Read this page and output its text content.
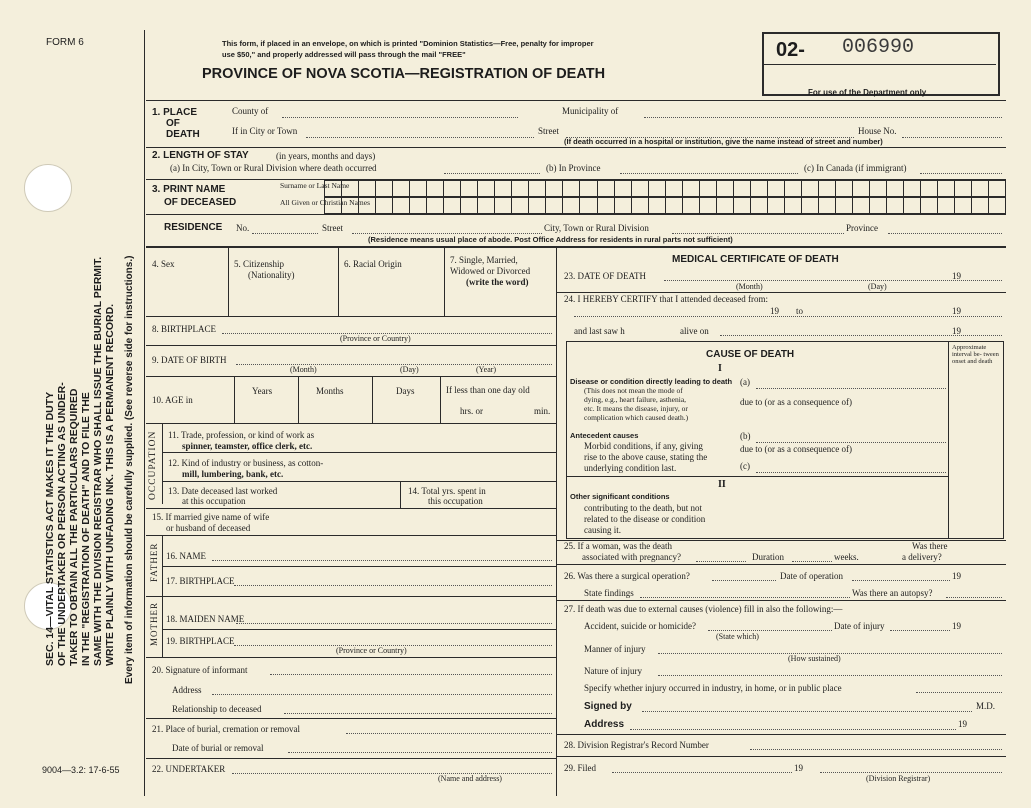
FORM 6	This form, if placed in an envelope, on which is printed "Dominion Statistics—Free, penalty for improper
use $50," and properly addressed will pass through the mail "FREE"
PROVINCE OF NOVA SCOTIA—REGISTRATION OF DEATH
02- 006990
For use of the Department only
SEC. 14—VITAL STATISTICS ACT MAKES IT THE DUTY OF THE UNDERTAKER OR PERSON ACTING AS UNDER- TAKER TO OBTAIN ALL THE PARTICULARS REQUIRED IN THE "REGISTRATION OF DEATH" AND TO FILE THE SAME WITH THE DIVISION REGISTRAR WHO SHALL ISSUE THE BURIAL PERMIT. WRITE PLAINLY WITH UNFADING INK. THIS IS A PERMANENT RECORD. Every item of information should be carefully supplied. (See reverse side for instructions.)
9004—3.2: 17-6-55
1. PLACE
OF
DEATH
County of	Municipality of
If in City or Town	Street	House No.
(If death occurred in a hospital or institution, give the name instead of street and number)
2. LENGTH OF STAY	(in years, months and days)
(a) In City, Town or Rural Division where death occurred	(b) In Province	(c) In Canada (if immigrant)
3. PRINT NAME
OF DECEASED
Surname or Last Name
All Given or Christian Names
RESIDENCE No.	Street	City, Town or Rural Division	Province
(Residence means usual place of abode. Post Office Address for residents in rural parts not sufficient)
4. Sex	5. Citizenship
(Nationality)
6. Racial Origin	7. Single, Married,
Widowed or Divorced
(write the word)
8. BIRTHPLACE
(Province or Country)
9. DATE OF BIRTH
(Month)	(Day)	(Year)
10. AGE in
Years	Months	Days	If less than one day old
hrs. or	min.
OCCUPATION 11. Trade, profession, or kind of work as
spinner, teamster, office clerk, etc.
12. Kind of industry or business, as cotton-
mill, lumbering, bank, etc.
13. Date deceased last worked
at this occupation
14. Total yrs. spent in
this occupation
15. If married give name of wife
or husband of deceased
FATHER 16. NAME
17. BIRTHPLACE
MOTHER 18. MAIDEN NAME
19. BIRTHPLACE
(Province or Country)
20. Signature of informant
Address
Relationship to deceased
21. Place of burial, cremation or removal
Date of burial or removal
22. UNDERTAKER
(Name and address)
MEDICAL CERTIFICATE OF DEATH
23. DATE OF DEATH
(Month)	(Day)
19
24. I HEREBY CERTIFY that I attended deceased from:
19 to	19
and last saw h	alive on	19
CAUSE OF DEATH
Approximate interval be- tween onset and death
I
Disease or condition directly leading to death
(This does not mean the mode of
dying, e.g., heart failure, asthenia,
etc. It means the disease, injury, or
complication which caused death.)
(a)
due to (or as a consequence of)
Antecedent causes
Morbid conditions, if any, giving
rise to the above cause, stating the
underlying condition last.
(b)
due to (or as a consequence of)
(c)
II
Other significant conditions
contributing to the death, but not
related to the disease or condition
causing it.
25. If a woman, was the death
associated with pregnancy?	Duration	weeks.
Was there
a delivery?
26. Was there a surgical operation?	Date of operation	19
State findings	Was there an autopsy?
27. If death was due to external causes (violence) fill in also the following:—
Accident, suicide or homicide?	Date of injury	19
(State which)
Manner of injury
(How sustained)
Nature of injury
Specify whether injury occurred in industry, in home, or in public place
Signed by	M.D.
Address	19
28. Division Registrar's Record Number
29. Filed	19
(Division Registrar)
